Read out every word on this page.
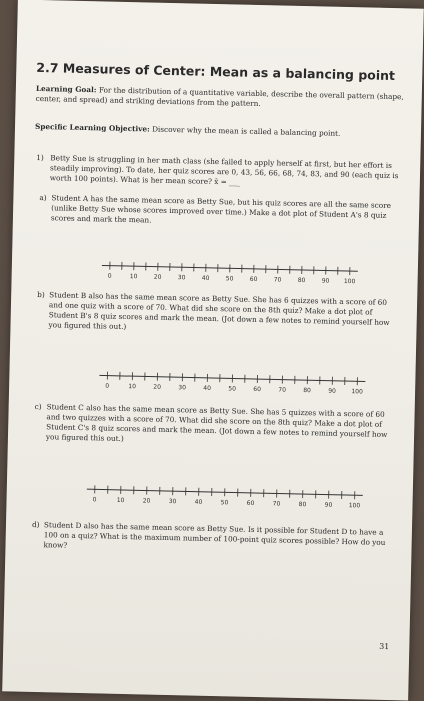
2.7 Measures of Center: Mean as a balancing point
Learning Goal: For the distribution of a quantitative variable, describe the overall pattern (shape, center, and spread) and striking deviations from the pattern.
Specific Learning Objective: Discover why the mean is called a balancing point.
1) Betty Sue is struggling in her math class (she failed to apply herself at first, but her effort is steadily improving). To date, her quiz scores are 0, 43, 56, 66, 68, 74, 83, and 90 (each quiz is worth 100 points). What is her mean score? x̄ = ___
a) Student A has the same mean score as Betty Sue, but his quiz scores are all the same score (unlike Betty Sue whose scores improved over time.) Make a dot plot of Student A's 8 quiz scores and mark the mean.
0	10	20	30	40	50	60	70	80	90 100
b) Student B also has the same mean score as Betty Sue. She has 6 quizzes with a score of 60 and one quiz with a score of 70. What did she score on the 8th quiz? Make a dot plot of Student B's 8 quiz scores and mark the mean. (Jot down a few notes to remind yourself how you figured this out.)
0	10	20	30	40	50	60	70	80	90	100
c) Student C also has the same mean score as Betty Sue. She has 5 quizzes with a score of 60 and two quizzes with a score of 70. What did she score on the 8th quiz? Make a dot plot of Student C's 8 quiz scores and mark the mean. (Jot down a few notes to remind yourself how you figured this out.)
0	10	20	30	40	50	60	70	80	90	100
d) Student D also has the same mean score as Betty Sue. Is it possible for Student D to have a 100 on a quiz? What is the maximum number of 100-point quiz scores possible? How do you know?
31
